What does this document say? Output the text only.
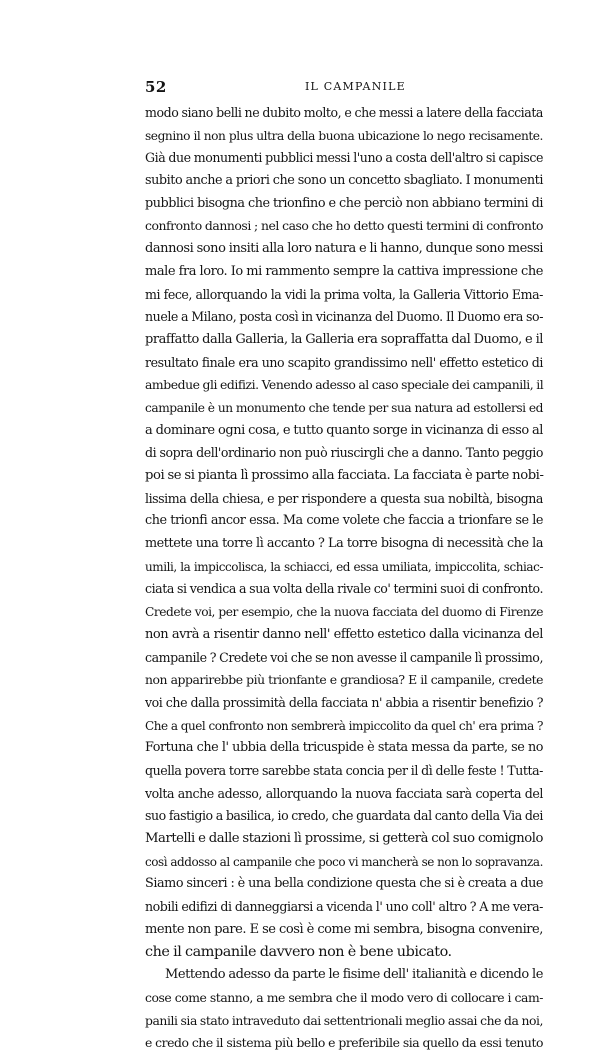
52	IL CAMPANILE
modo siano belli ne dubito molto, e che messi a latere della facciata
segnino il non plus ultra della buona ubicazione lo nego recisamente.
Già due monumenti pubblici messi l'uno a costa dell'altro si capisce
subito anche a priori che sono un concetto sbagliato. I monumenti
pubblici bisogna che trionfino e che perciò non abbiano termini di
confronto dannosi ; nel caso che ho detto questi termini di confronto
dannosi sono insiti alla loro natura e li hanno, dunque sono messi
male fra loro. Io mi rammento sempre la cattiva impressione che
mi fece, allorquando la vidi la prima volta, la Galleria Vittorio Ema-
nuele a Milano, posta così in vicinanza del Duomo. Il Duomo era so-
praffatto dalla Galleria, la Galleria era sopraffatta dal Duomo, e il
resultato finale era uno scapito grandissimo nell' effetto estetico di
ambedue gli edifizi. Venendo adesso al caso speciale dei campanili, il
campanile è un monumento che tende per sua natura ad estollersi ed
a dominare ogni cosa, e tutto quanto sorge in vicinanza di esso al
di sopra dell'ordinario non può riuscirgli che a danno. Tanto peggio
poi se si pianta lì prossimo alla facciata. La facciata è parte nobi-
lissima della chiesa, e per rispondere a questa sua nobiltà, bisogna
che trionfi ancor essa. Ma come volete che faccia a trionfare se le
mettete una torre lì accanto ? La torre bisogna di necessità che la
umili, la impiccolisca, la schiacci, ed essa umiliata, impiccolita, schiac-
ciata si vendica a sua volta della rivale co' termini suoi di confronto.
Credete voi, per esempio, che la nuova facciata del duomo di Firenze
non avrà a risentir danno nell' effetto estetico dalla vicinanza del
campanile ? Credete voi che se non avesse il campanile lì prossimo,
non apparirebbe più trionfante e grandiosa? E il campanile, credete
voi che dalla prossimità della facciata n' abbia a risentir benefizio ?
Che a quel confronto non sembrerà impiccolito da quel ch' era prima ?
Fortuna che l' ubbia della tricuspide è stata messa da parte, se no
quella povera torre sarebbe stata concia per il dì delle feste ! Tutta-
volta anche adesso, allorquando la nuova facciata sarà coperta del
suo fastigio a basilica, io credo, che guardata dal canto della Via dei
Martelli e dalle stazioni lì prossime, si getterà col suo comignolo
così addosso al campanile che poco vi mancherà se non lo sopravanza.
Siamo sinceri : è una bella condizione questa che si è creata a due
nobili edifizi di danneggiarsi a vicenda l' uno coll' altro ? A me vera-
mente non pare. E se così è come mi sembra, bisogna convenire,
che il campanile davvero non è bene ubicato.
Mettendo adesso da parte le fisime dell' italianità e dicendo le
cose come stanno, a me sembra che il modo vero di collocare i cam-
panili sia stato intraveduto dai settentrionali meglio assai che da noi,
e credo che il sistema più bello e preferibile sia quello da essi tenuto
